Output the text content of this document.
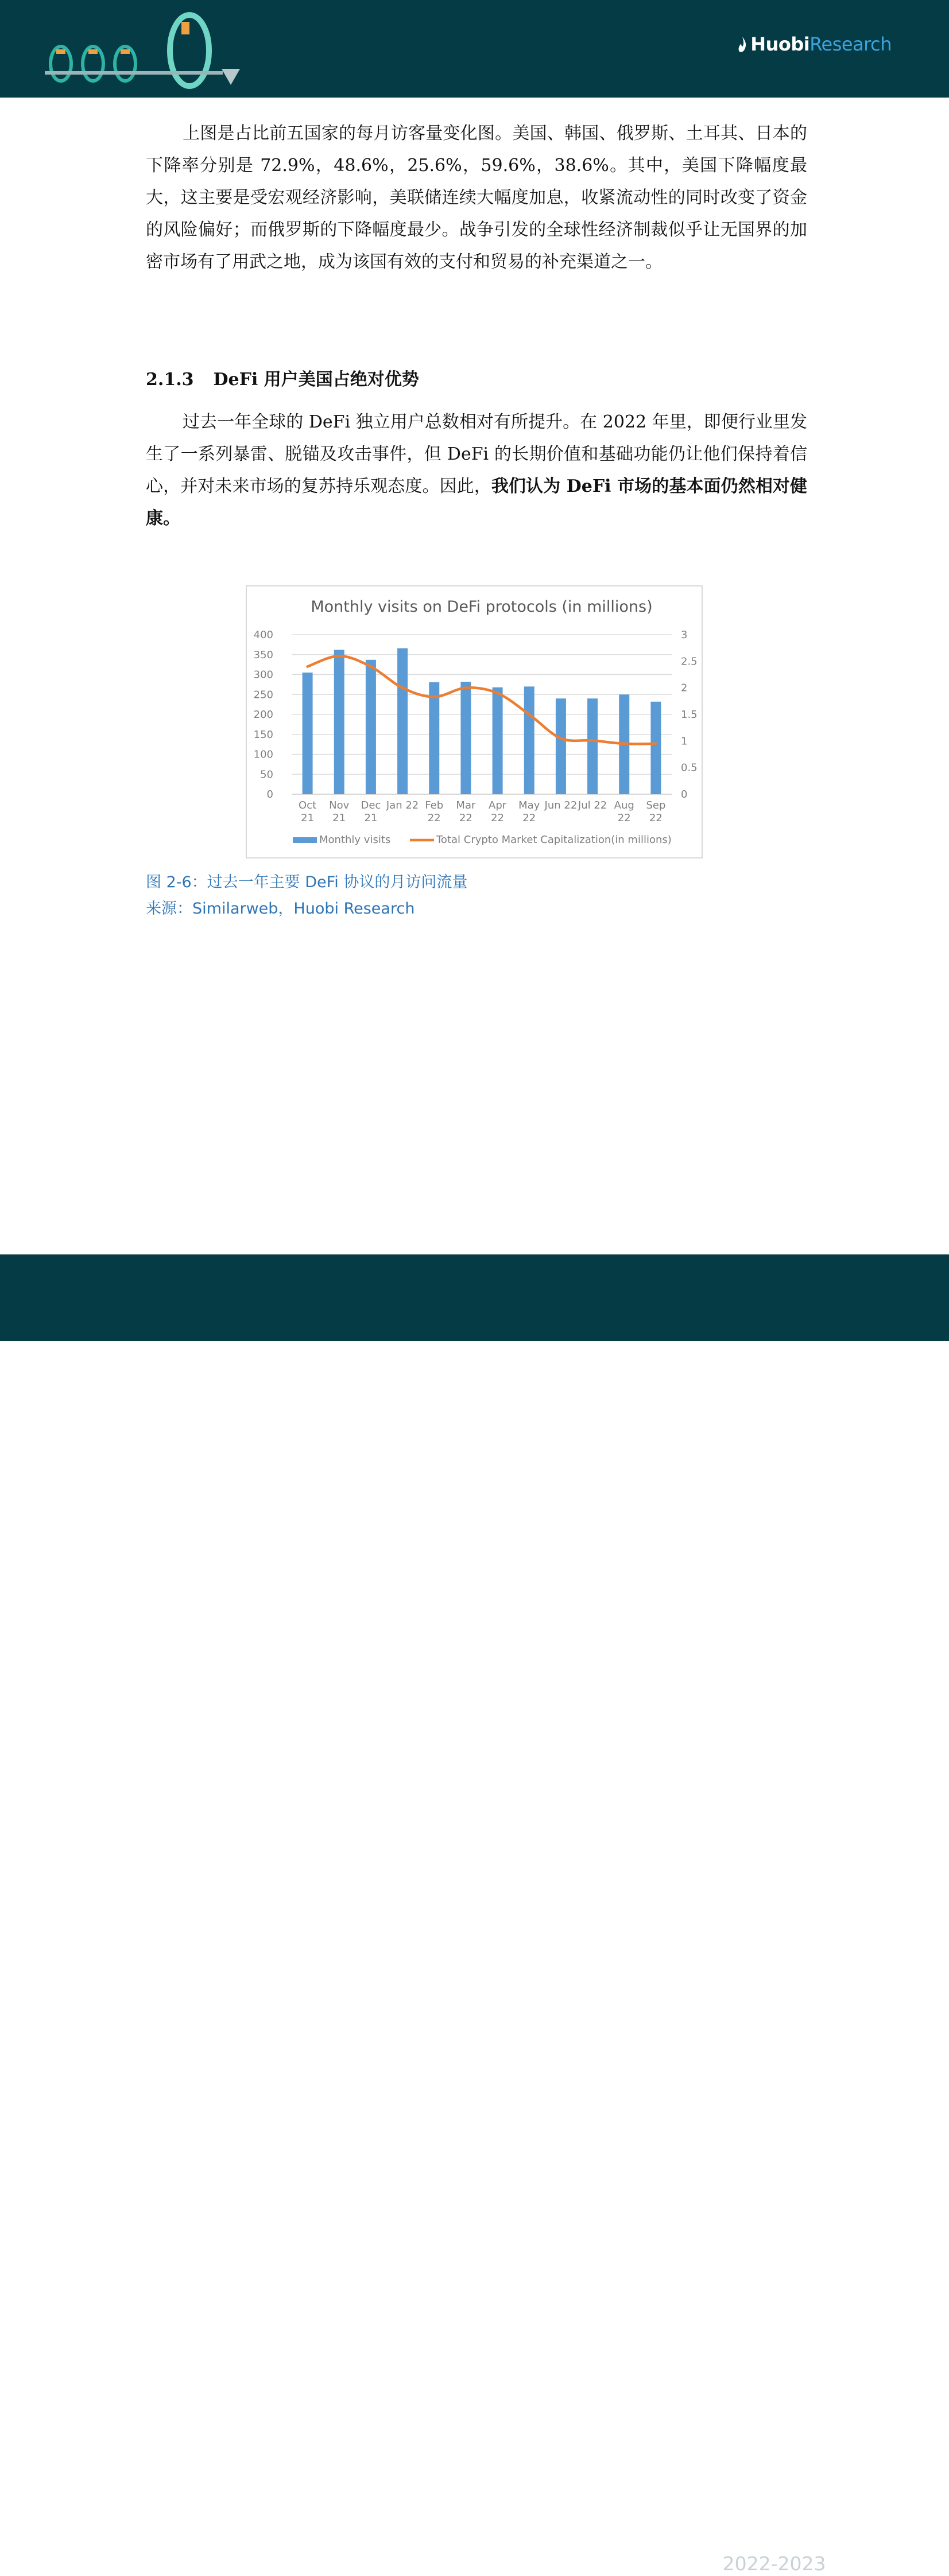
HuobiResearch

上图是占比前五国家的每月访客量变化图。美国、韩国、俄罗斯、土耳其、日本的下降率分别是 72.9%，48.6%，25.6%，59.6%，38.6%。其中，美国下降幅度最大，这主要是受宏观经济影响，美联储连续大幅度加息，收紧流动性的同时改变了资金的风险偏好；而俄罗斯的下降幅度最少。战争引发的全球性经济制裁似乎让无国界的加密市场有了用武之地，成为该国有效的支付和贸易的补充渠道之一。

2.1.3 DeFi 用户美国占绝对优势

过去一年全球的 DeFi 独立用户总数相对有所提升。在 2022 年里，即便行业里发生了一系列暴雷、脱锚及攻击事件，但 DeFi 的长期价值和基础功能仍让他们保持着信心，并对未来市场的复苏持乐观态度。因此，我们认为 DeFi 市场的基本面仍然相对健康。

Monthly visits on DeFi protocols (in millions)
0
50
100
150
200
250
300
350
400
0
0.5
1
1.5
2
2.5
3
Oct
21
Nov
21
Dec
21
Jan 22 Feb
22
Mar
22
Apr
22
May
22
Jun 22 Jul 22 Aug
22
Sep
22
Monthly visits	Total Crypto Market Capitalization(in millions)
图 2-6：过去一年主要 DeFi 协议的月访问流量
来源：Similarweb，Huobi Research
全球区块链产业全景与趋势	- 17 -	2022-2023 年度报告
